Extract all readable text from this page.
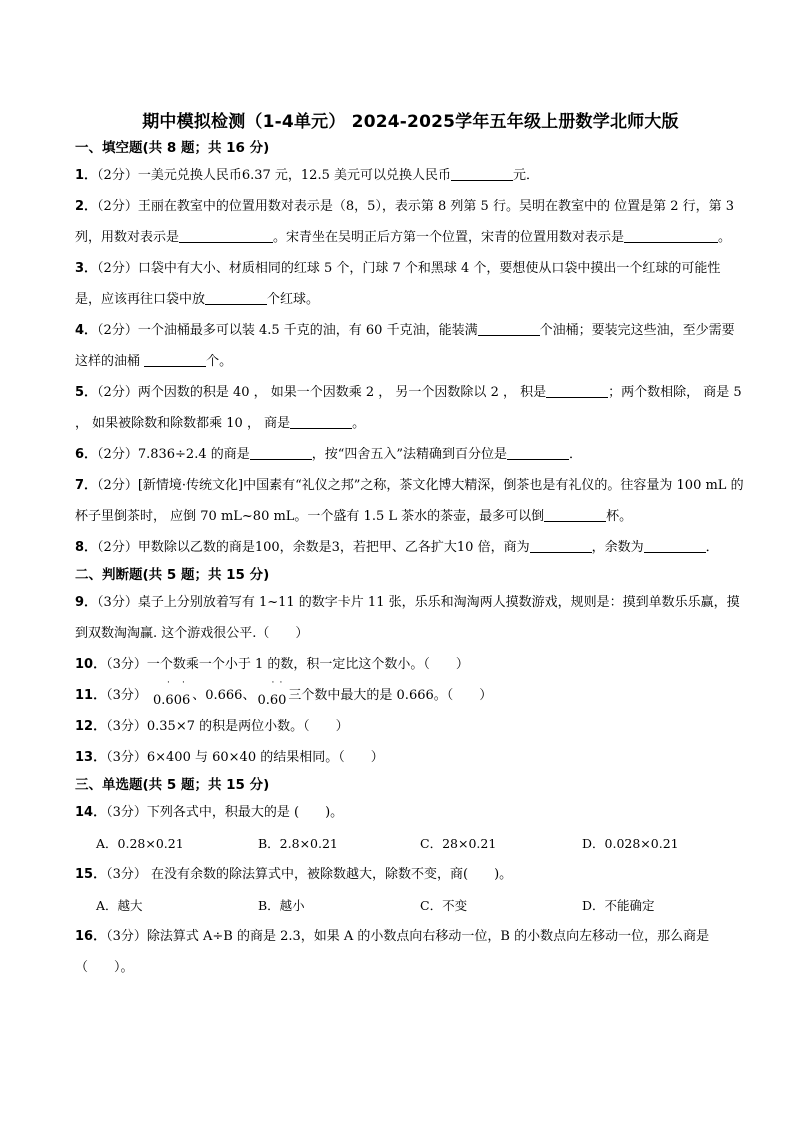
期中模拟检测（1-4单元） 2024-2025学年五年级上册数学北师大版
一、填空题(共 8 题；共 16 分)
1．（2分）一美元兑换人民币6.37 元，12.5 美元可以兑换人民币	元．
2．（2分）王丽在教室中的位置用数对表示是（8，5），表示第 8 列第 5 行。吴明在教室中的 位置是第 2 行，第 3 列，用数对表示是	。宋青坐在吴明正后方第一个位置，宋青的位置用数对表示是	。
3．（2分）口袋中有大小、材质相同的红球 5 个，门球 7 个和黑球 4 个，要想使从口袋中摸出一个红球的可能性是，应该再往口袋中放	个红球。
4．（2分）一个油桶最多可以装 4.5 千克的油，有 60 千克油，能装满	个油桶；要装完这些油，至少需要这样的油桶	个。
5．（2分）两个因数的积是 40 ， 如果一个因数乘 2 ， 另一个因数除以 2 ， 积是	；两个数相除， 商是 5 ， 如果被除数和除数都乘 10 ， 商是	。
6．（2分）7.836÷2.4 的商是	，按“四舍五入”法精确到百分位是	．
7．（2分）[新情境·传统文化]中国素有“礼仪之邦”之称，茶文化博大精深，倒茶也是有礼仪的。往容量为 100 mL 的杯子里倒茶时， 应倒 70 mL~80 mL。一个盛有 1.5 L 茶水的茶壶，最多可以倒	杯。
8．（2分）甲数除以乙数的商是100，余数是3，若把甲、乙各扩大10 倍，商为	，余数为	．
二、判断题(共 5 题；共 15 分)
9．（3分）桌子上分别放着写有 1~11 的数字卡片 11 张，乐乐和淘淘两人摸数游戏，规则是：摸到单数乐乐赢，摸到双数淘淘赢. 这个游戏很公平.（　　）
10．（3分）一个数乘一个小于 1 的数，积一定比这个数小。（　　）
11．（3分） 0.606
· ·
、0.666、 0.60
· ·
三个数中最大的是 0.666。（　　）
12．（3分）0.35×7 的积是两位小数。（　　）
13．（3分）6×400 与 60×40 的结果相同。（　　）
三、单选题(共 5 题；共 15 分)
14．（3分）下列各式中，积最大的是 (　　)。
A．0.28×0.21	B．2.8×0.21	C．28×0.21	D．0.028×0.21
15．（3分） 在没有余数的除法算式中，被除数越大，除数不变，商(　　)。
A．越大	B．越小	C．不变	D．不能确定
16．（3分）除法算式 A÷B 的商是 2.3，如果 A 的小数点向右移动一位，B 的小数点向左移动一位，那么商是（　　）。
